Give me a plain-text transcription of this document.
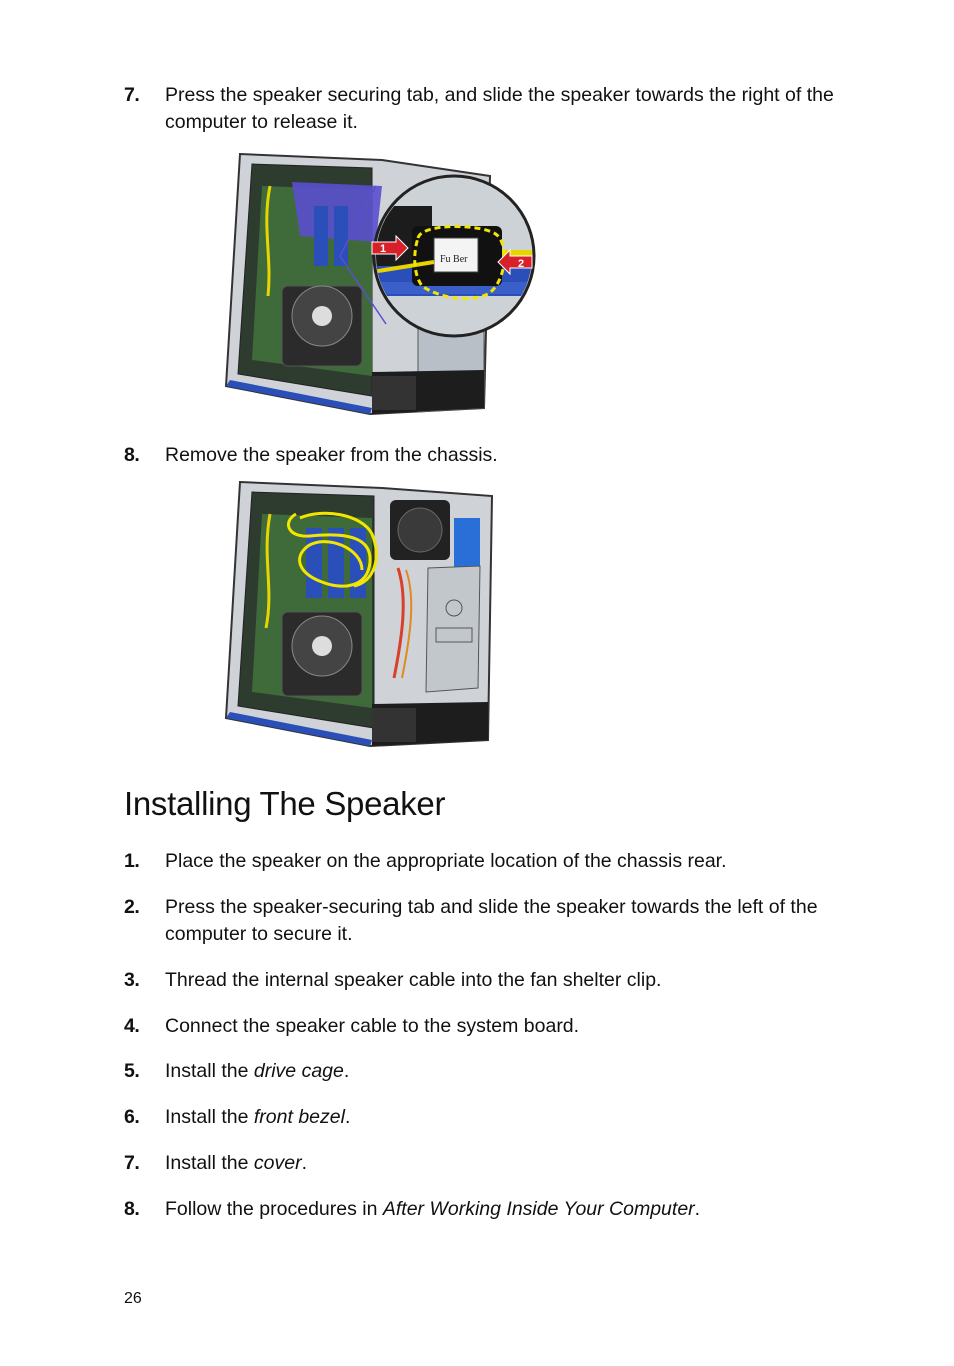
7.	Press the speaker securing tab, and slide the speaker towards the right of the computer to release it.
Fu Ber
1
2
8.	Remove the speaker from the chassis.
Installing The Speaker
1.	Place the speaker on the appropriate location of the chassis rear.
2.	Press the speaker-securing tab and slide the speaker towards the left of the computer to secure it.
3.	Thread the internal speaker cable into the fan shelter clip.
4.	Connect the speaker cable to the system board.
5.	Install the drive cage.
6.	Install the front bezel.
7.	Install the cover.
8.	Follow the procedures in After Working Inside Your Computer.
26
